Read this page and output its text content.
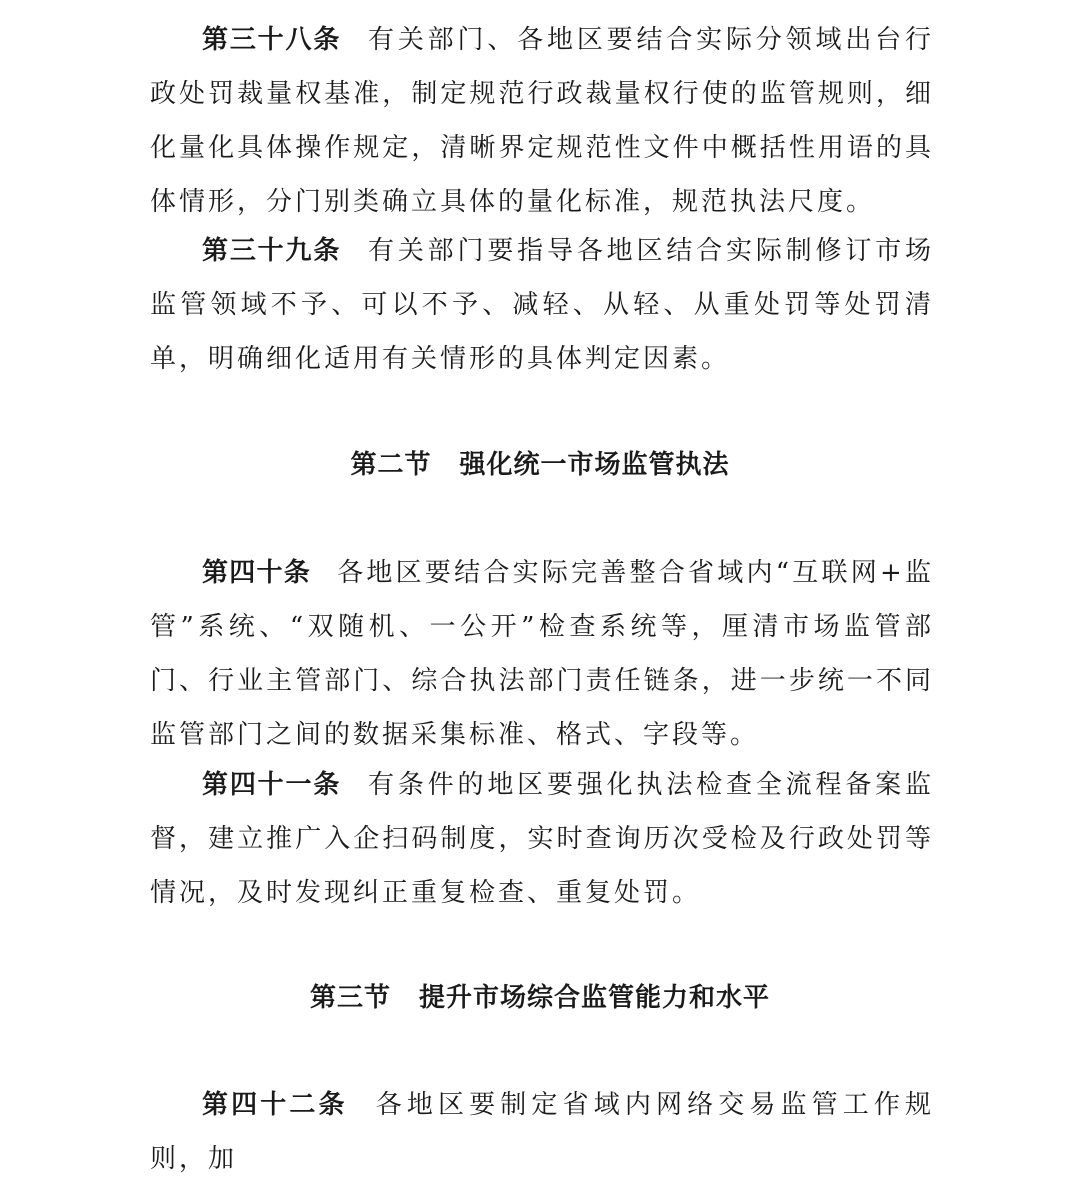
第三十八条 有关部门、各地区要结合实际分领域出台行政处罚裁量权基准，制定规范行政裁量权行使的监管规则，细化量化具体操作规定，清晰界定规范性文件中概括性用语的具体情形，分门别类确立具体的量化标准，规范执法尺度。

第三十九条 有关部门要指导各地区结合实际制修订市场监管领域不予、可以不予、减轻、从轻、从重处罚等处罚清单，明确细化适用有关情形的具体判定因素。

第二节 强化统一市场监管执法

第四十条 各地区要结合实际完善整合省域内“互联网+监管”系统、“双随机、一公开”检查系统等，厘清市场监管部门、行业主管部门、综合执法部门责任链条，进一步统一不同监管部门之间的数据采集标准、格式、字段等。

第四十一条 有条件的地区要强化执法检查全流程备案监督，建立推广入企扫码制度，实时查询历次受检及行政处罚等情况，及时发现纠正重复检查、重复处罚。

第三节 提升市场综合监管能力和水平

第四十二条 各地区要制定省域内网络交易监管工作规则，加
